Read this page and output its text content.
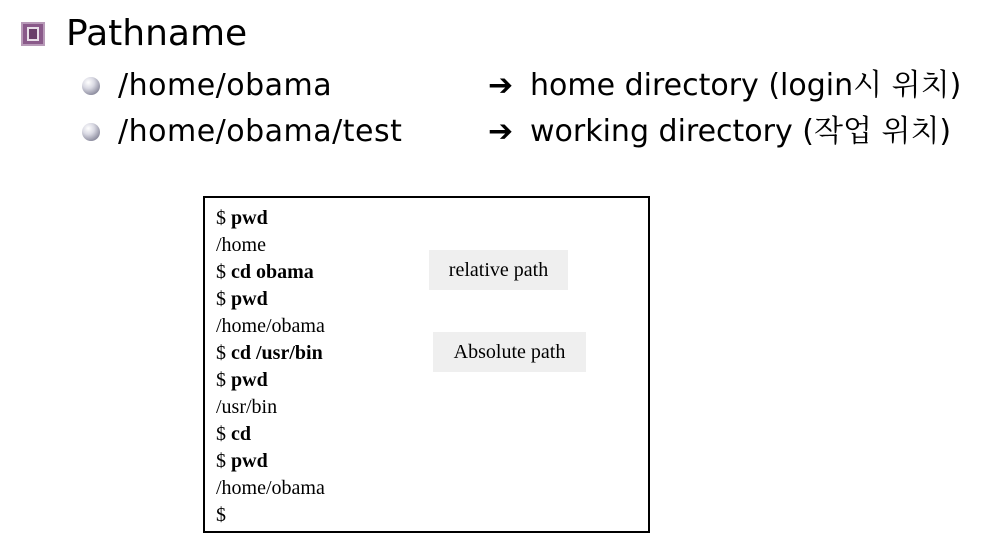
Pathname
/home/obama	➔ home directory (login시 위치)
/home/obama/test	➔ working directory (작업 위치)
$ pwd
/home
$ cd obama
$ pwd
/home/obama
$ cd /usr/bin
$ pwd
/usr/bin
$ cd
$ pwd
/home/obama
$
relative path
Absolute path
